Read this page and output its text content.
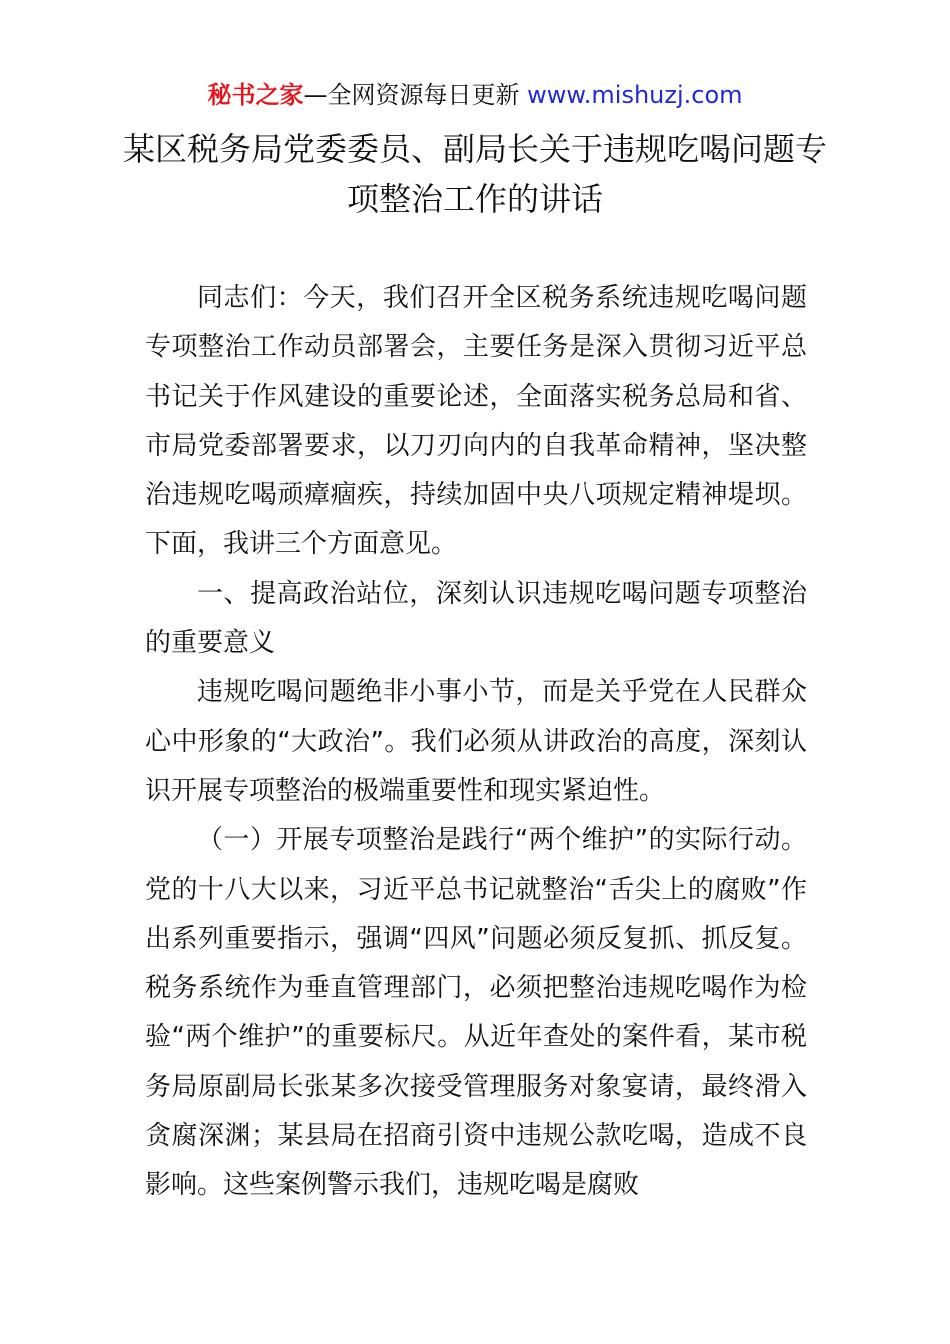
秘书之家—全网资源每日更新 www.mishuzj.com
某区税务局党委委员、副局长关于违规吃喝问题专项整治工作的讲话

同志们：今天，我们召开全区税务系统违规吃喝问题专项整治工作动员部署会，主要任务是深入贯彻习近平总书记关于作风建设的重要论述，全面落实税务总局和省、市局党委部署要求，以刀刃向内的自我革命精神，坚决整治违规吃喝顽瘴痼疾，持续加固中央八项规定精神堤坝。下面，我讲三个方面意见。

一、提高政治站位，深刻认识违规吃喝问题专项整治的重要意义

违规吃喝问题绝非小事小节，而是关乎党在人民群众心中形象的“大政治”。我们必须从讲政治的高度，深刻认识开展专项整治的极端重要性和现实紧迫性。

（一）开展专项整治是践行“两个维护”的实际行动。党的十八大以来，习近平总书记就整治“舌尖上的腐败”作出系列重要指示，强调“四风”问题必须反复抓、抓反复。税务系统作为垂直管理部门，必须把整治违规吃喝作为检验“两个维护”的重要标尺。从近年查处的案件看，某市税务局原副局长张某多次接受管理服务对象宴请，最终滑入贪腐深渊；某县局在招商引资中违规公款吃喝，造成不良影响。这些案例警示我们，违规吃喝是腐败
